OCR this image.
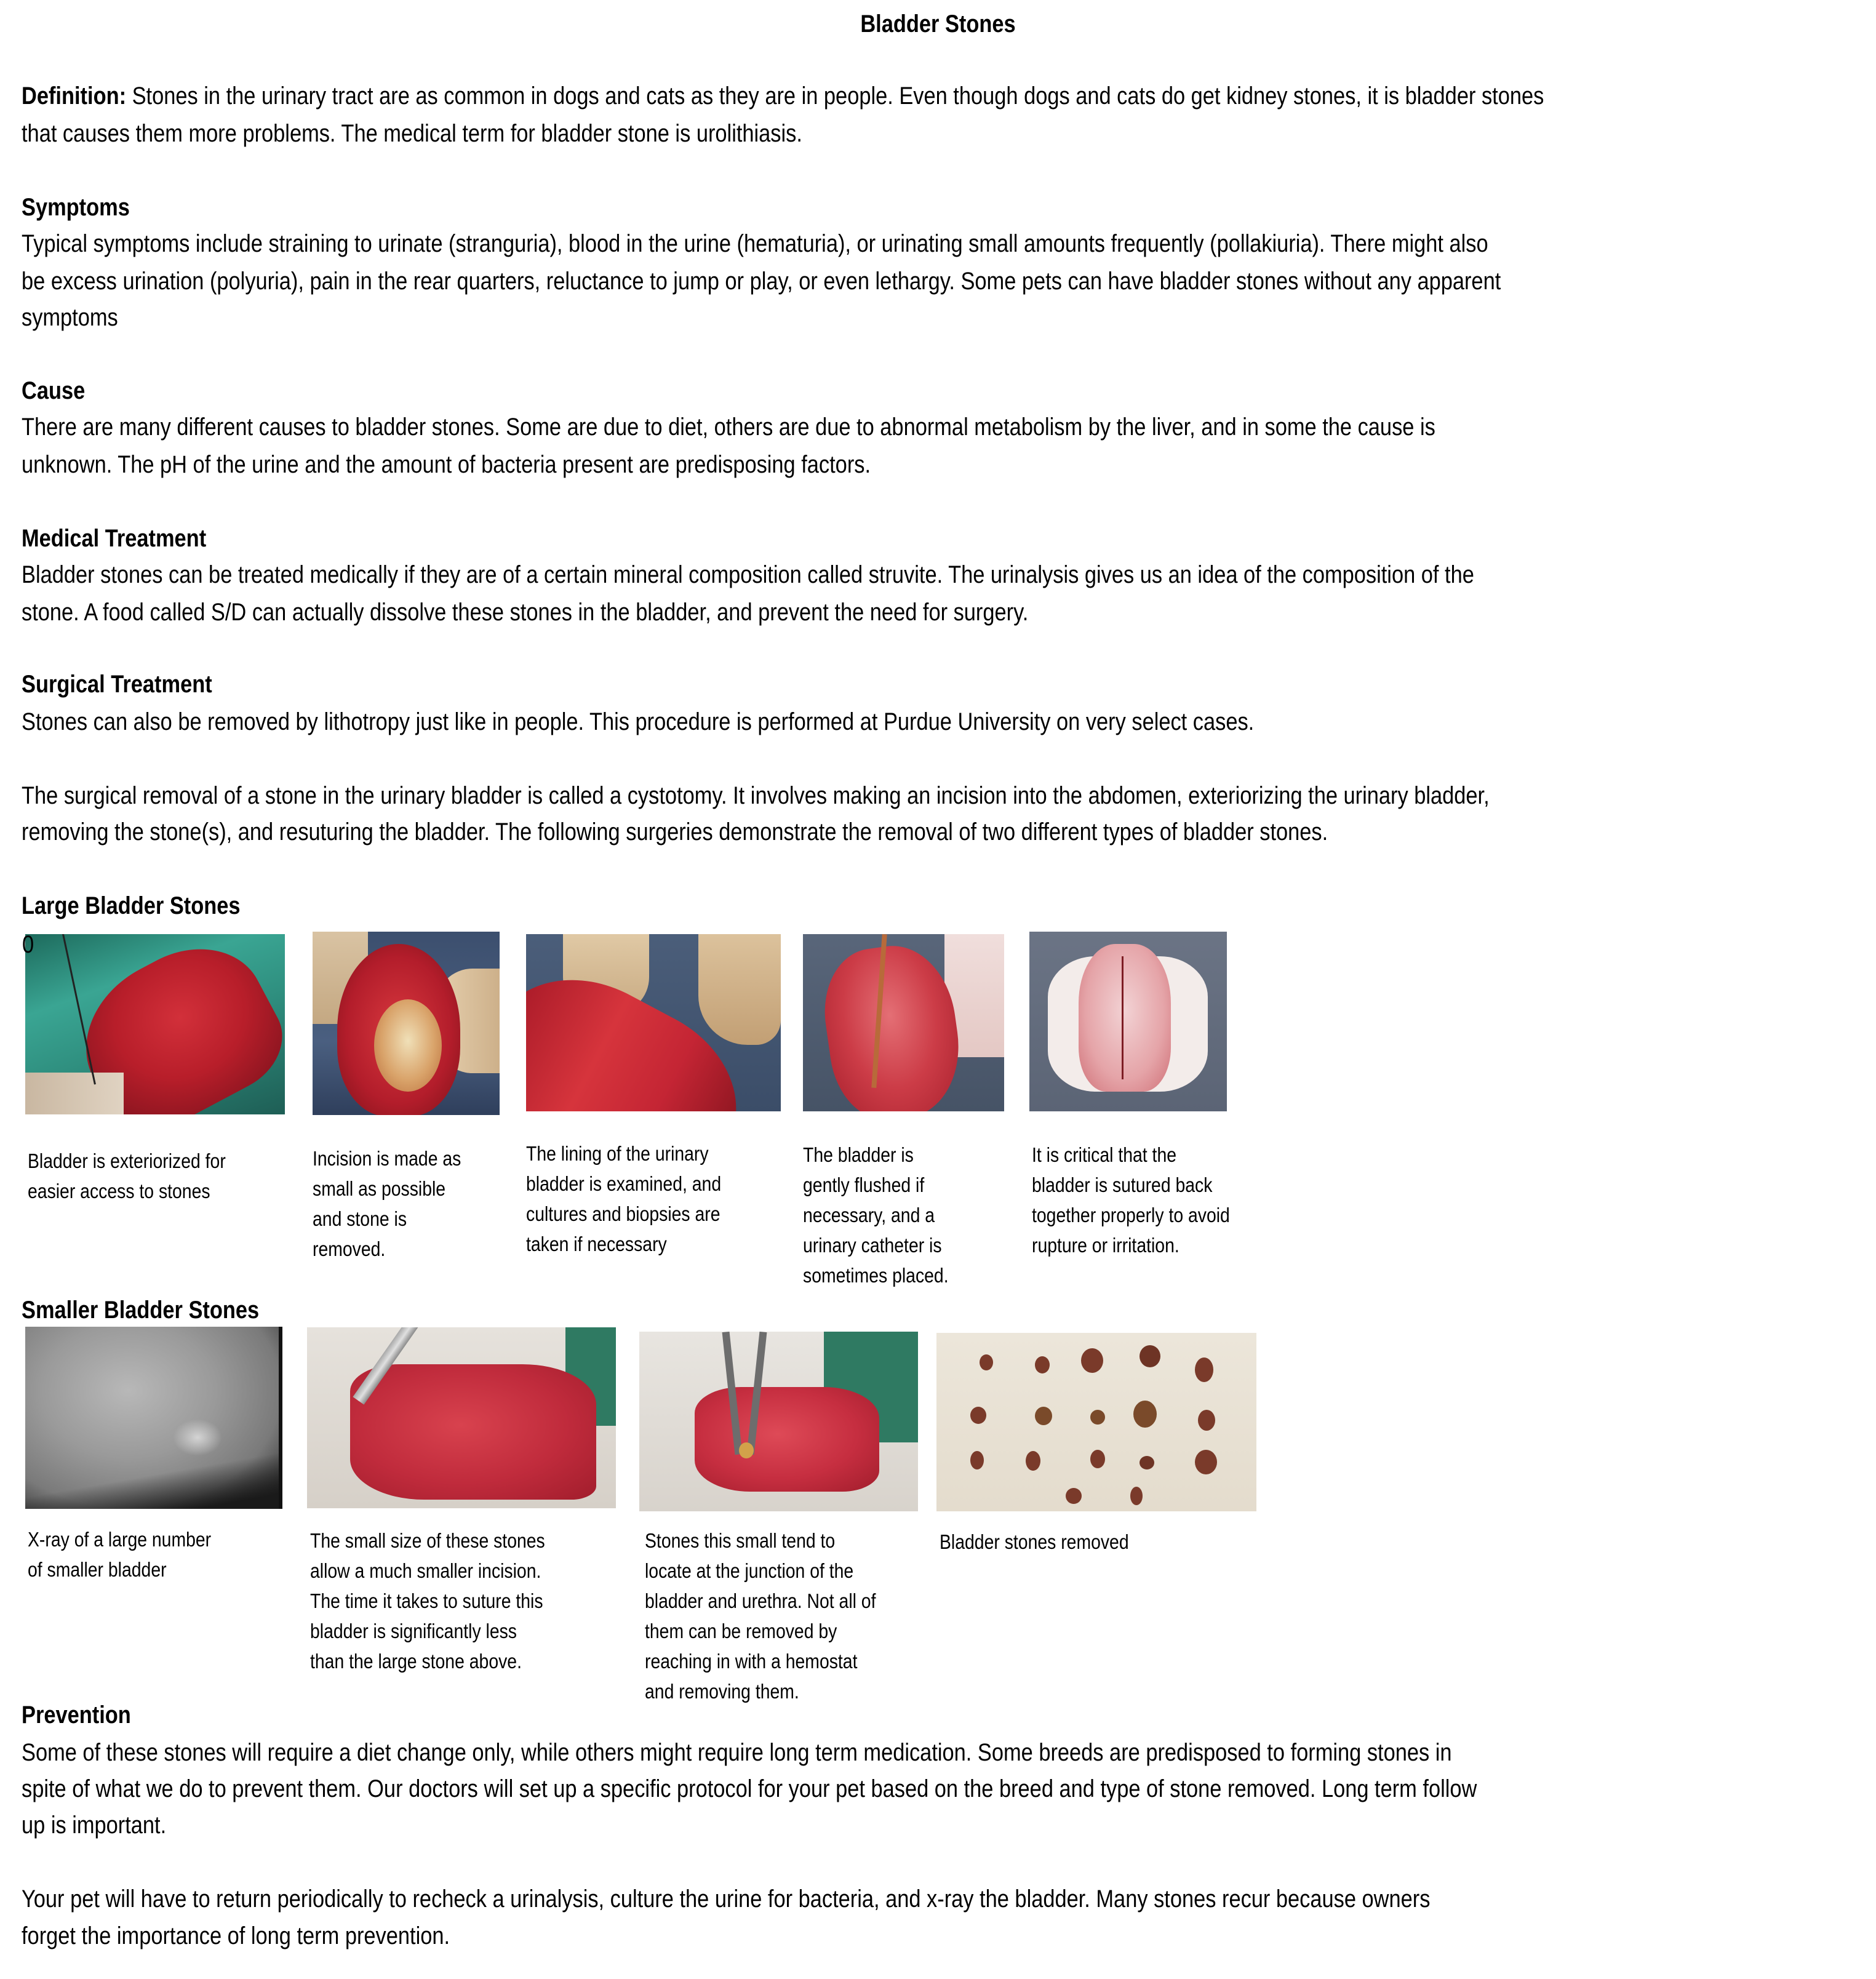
Bladder Stones
Definition: Stones in the urinary tract are as common in dogs and cats as they are in people. Even though dogs and cats do get kidney stones, it is bladder stones
that causes them more problems. The medical term for bladder stone is urolithiasis.
Symptoms
Typical symptoms include straining to urinate (stranguria), blood in the urine (hematuria), or urinating small amounts frequently (pollakiuria). There might also
be excess urination (polyuria), pain in the rear quarters, reluctance to jump or play, or even lethargy. Some pets can have bladder stones without any apparent
symptoms
Cause
There are many different causes to bladder stones. Some are due to diet, others are due to abnormal metabolism by the liver, and in some the cause is
unknown. The pH of the urine and the amount of bacteria present are predisposing factors.
Medical Treatment
Bladder stones can be treated medically if they are of a certain mineral composition called struvite. The urinalysis gives us an idea of the composition of the
stone. A food called S/D can actually dissolve these stones in the bladder, and prevent the need for surgery.
Surgical Treatment
Stones can also be removed by lithotropy just like in people. This procedure is performed at Purdue University on very select cases.
The surgical removal of a stone in the urinary bladder is called a cystotomy. It involves making an incision into the abdomen, exteriorizing the urinary bladder,
removing the stone(s), and resuturing the bladder. The following surgeries demonstrate the removal of two different types of bladder stones.
Large Bladder Stones
0
Bladder is exteriorized for
easier access to stones
Incision is made as
small as possible
and stone is
removed.
The lining of the urinary
bladder is examined, and
cultures and biopsies are
taken if necessary
The bladder is
gently flushed if
necessary, and a
urinary catheter is
sometimes placed.
It is critical that the
bladder is sutured back
together properly to avoid
rupture or irritation.
Smaller Bladder Stones
X-ray of a large number
of smaller bladder
The small size of these stones
allow a much smaller incision.
The time it takes to suture this
bladder is significantly less
than the large stone above.
Stones this small tend to
locate at the junction of the
bladder and urethra. Not all of
them can be removed by
reaching in with a hemostat
and removing them.
Bladder stones removed
Prevention
Some of these stones will require a diet change only, while others might require long term medication. Some breeds are predisposed to forming stones in
spite of what we do to prevent them. Our doctors will set up a specific protocol for your pet based on the breed and type of stone removed. Long term follow
up is important.
Your pet will have to return periodically to recheck a urinalysis, culture the urine for bacteria, and x-ray the bladder. Many stones recur because owners
forget the importance of long term prevention.
